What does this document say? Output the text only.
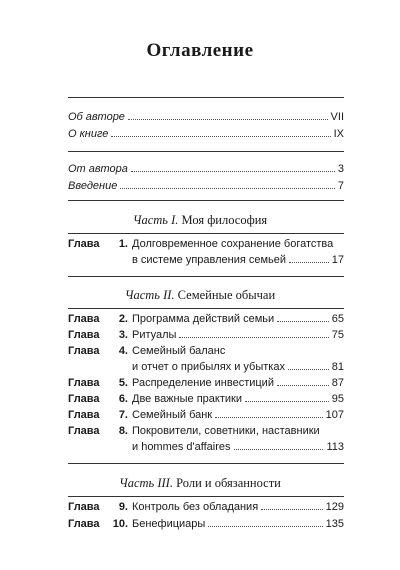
Оглавление
Об авторе	VII
О книге	IX
От автора	3
Введение	7
Часть I. Моя философия
Глава	1. Долговременное сохранение богатства
в системе управления семьей	17
Часть II. Семейные обычаи
Глава	2. Программа действий семьи	65
Глава	3. Ритуалы	75
Глава	4. Семейный баланс
и отчет о прибылях и убытках	81
Глава	5. Распределение инвестиций	87
Глава	6. Две важные практики	95
Глава	7. Семейный банк	107
Глава	8. Покровители, советники, наставники
и hommes d'affaires	113
Часть III. Роли и обязанности
Глава	9. Контроль без обладания	129
Глава	10. Бенефициары	135
